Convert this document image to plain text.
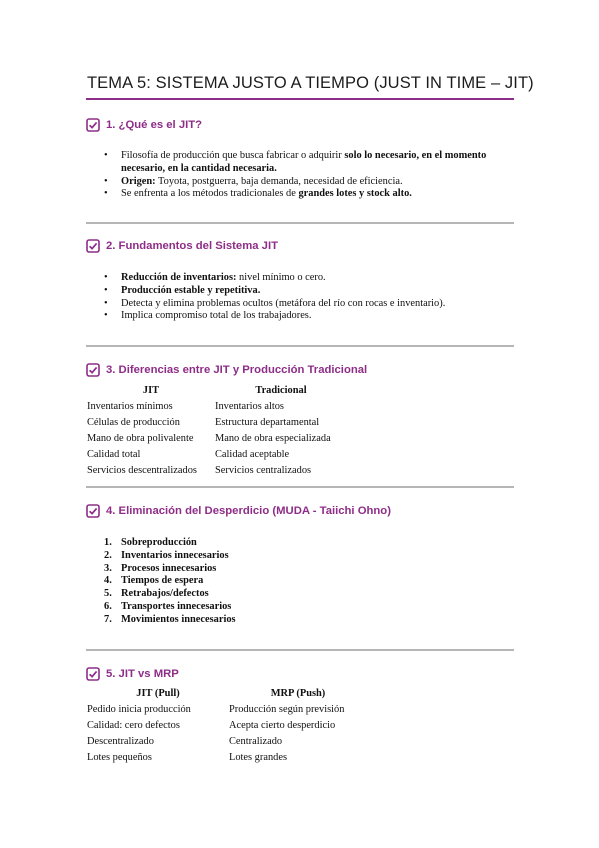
TEMA 5: SISTEMA JUSTO A TIEMPO (JUST IN TIME – JIT)
1. ¿Qué es el JIT?
• Filosofía de producción que busca fabricar o adquirir solo lo necesario, en el momento necesario, en la cantidad necesaria.
• Origen: Toyota, postguerra, baja demanda, necesidad de eficiencia.
• Se enfrenta a los métodos tradicionales de grandes lotes y stock alto.
2. Fundamentos del Sistema JIT
• Reducción de inventarios: nivel mínimo o cero.
• Producción estable y repetitiva.
• Detecta y elimina problemas ocultos (metáfora del río con rocas e inventario).
• Implica compromiso total de los trabajadores.
3. Diferencias entre JIT y Producción Tradicional
JIT	Tradicional
Inventarios mínimos	Inventarios altos
Células de producción	Estructura departamental
Mano de obra polivalente	Mano de obra especializada
Calidad total	Calidad aceptable
Servicios descentralizados	Servicios centralizados
4. Eliminación del Desperdicio (MUDA - Taiichi Ohno)
1. Sobreproducción
2. Inventarios innecesarios
3. Procesos innecesarios
4. Tiempos de espera
5. Retrabajos/defectos
6. Transportes innecesarios
7. Movimientos innecesarios
5. JIT vs MRP
JIT (Pull)	MRP (Push)
Pedido inicia producción	Producción según previsión
Calidad: cero defectos	Acepta cierto desperdicio
Descentralizado	Centralizado
Lotes pequeños	Lotes grandes
